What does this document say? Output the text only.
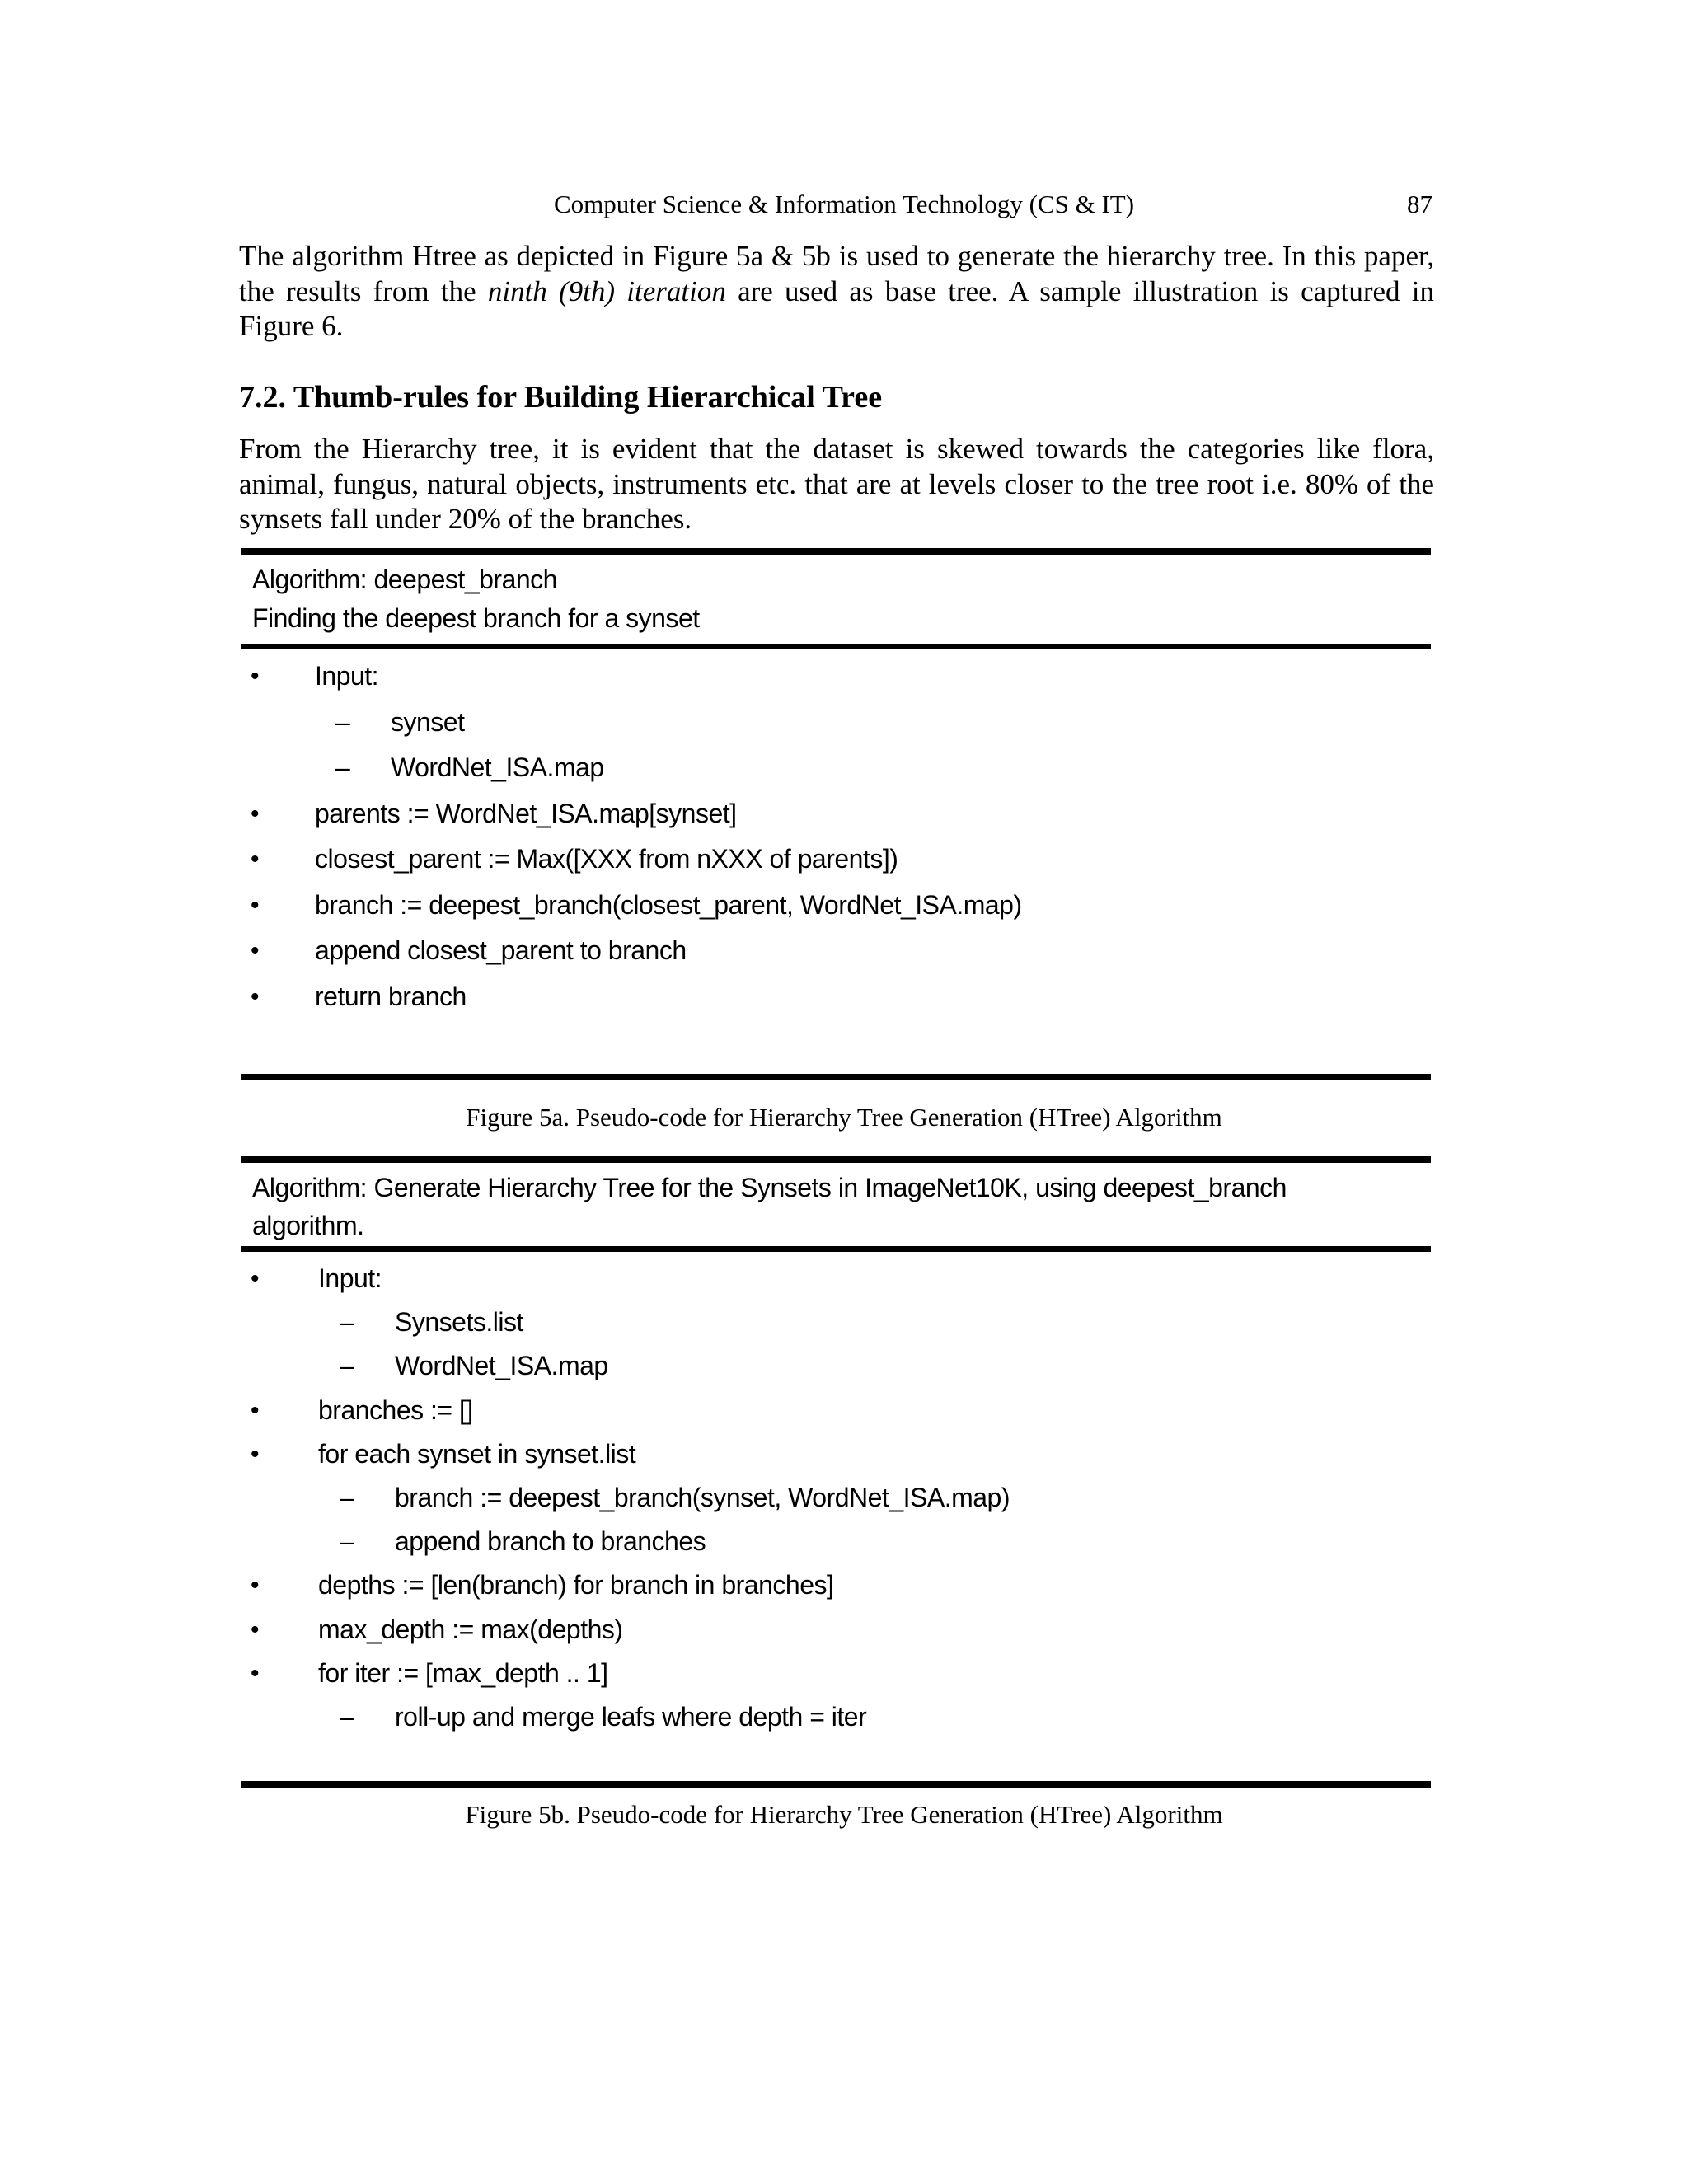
Computer Science & Information Technology (CS & IT)	87

The algorithm Htree as depicted in Figure 5a & 5b is used to generate the hierarchy tree. In this paper, the results from the ninth (9th) iteration are used as base tree. A sample illustration is captured in Figure 6.

7.2. Thumb-rules for Building Hierarchical Tree

From the Hierarchy tree, it is evident that the dataset is skewed towards the categories like flora, animal, fungus, natural objects, instruments etc. that are at levels closer to the tree root i.e. 80% of the synsets fall under 20% of the branches.

Algorithm: deepest_branch
Finding the deepest branch for a synset
• Input:
– synset
– WordNet_ISA.map
• parents := WordNet_ISA.map[synset]
• closest_parent := Max([XXX from nXXX of parents])
• branch := deepest_branch(closest_parent, WordNet_ISA.map)
• append closest_parent to branch
• return branch
Figure 5a. Pseudo-code for Hierarchy Tree Generation (HTree) Algorithm
Algorithm: Generate Hierarchy Tree for the Synsets in ImageNet10K, using deepest_branch
algorithm.
• Input:
– Synsets.list
– WordNet_ISA.map
• branches := []
• for each synset in synset.list
– branch := deepest_branch(synset, WordNet_ISA.map)
– append branch to branches
• depths := [len(branch) for branch in branches]
• max_depth := max(depths)
• for iter := [max_depth .. 1]
– roll-up and merge leafs where depth = iter
Figure 5b. Pseudo-code for Hierarchy Tree Generation (HTree) Algorithm
